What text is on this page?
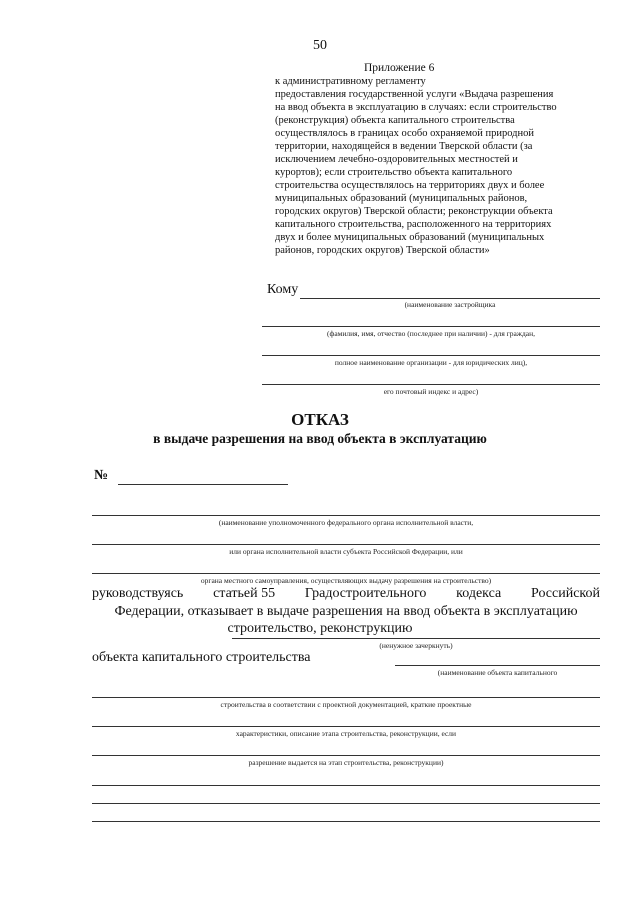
50
Приложение 6
к административному регламенту
предоставления государственной услуги «Выдача разрешения
на ввод объекта в эксплуатацию в случаях: если строительство
(реконструкция) объекта капитального строительства
осуществлялось в границах особо охраняемой природной
территории, находящейся в ведении Тверской области (за
исключением лечебно-оздоровительных местностей и
курортов); если строительство объекта капитального
строительства осуществлялось на территориях двух и более
муниципальных образований (муниципальных районов,
городских округов) Тверской области; реконструкции объекта
капитального строительства, расположенного на территориях
двух и более муниципальных образований (муниципальных
районов, городских округов) Тверской области»
Кому
(наименование застройщика
(фамилия, имя, отчество (последнее при наличии) - для граждан,
полное наименование организации - для юридических лиц),
его почтовый индекс и адрес)
ОТКАЗ
в выдаче разрешения на ввод объекта в эксплуатацию
№
(наименование уполномоченного федерального органа исполнительной власти,
или органа исполнительной власти субъекта Российской Федерации, или
органа местного самоуправления, осуществляющих выдачу разрешения на строительство)
руководствуясь статьей 55 Градостроительного кодекса Российской
Федерации, отказывает в выдаче разрешения на ввод объекта в эксплуатацию
строительство, реконструкцию
(ненужное зачеркнуть)
объекта капитального строительства
(наименование объекта капитального
строительства в соответствии с проектной документацией, краткие проектные
характеристики, описание этапа строительства, реконструкции, если
разрешение выдается на этап строительства, реконструкции)
